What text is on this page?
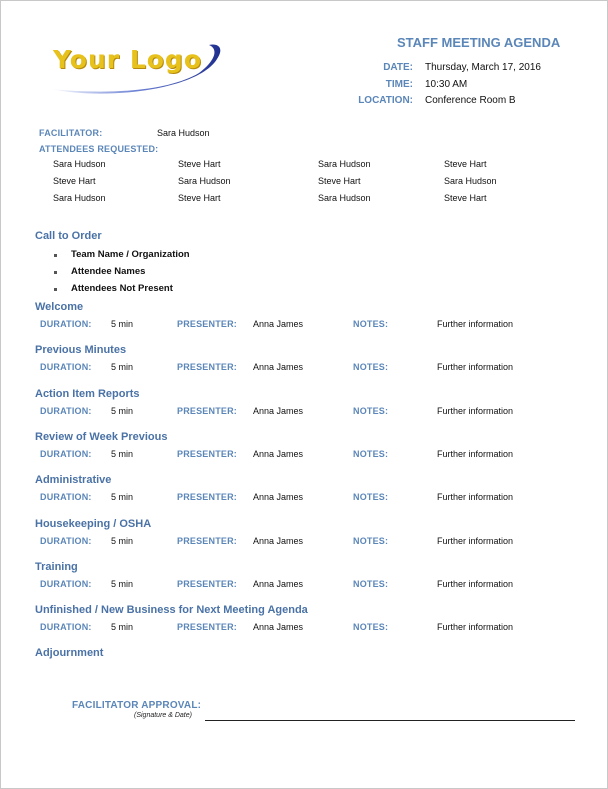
Your Logo
STAFF MEETING AGENDA
DATE: Thursday, March 17, 2016
TIME: 10:30 AM
LOCATION: Conference Room B
FACILITATOR:	Sara Hudson
ATTENDEES REQUESTED:
Sara Hudson	Steve Hart	Sara Hudson	Steve Hart
Steve Hart	Sara Hudson	Steve Hart	Sara Hudson
Sara Hudson	Steve Hart	Sara Hudson	Steve Hart
Call to Order
Team Name / Organization
Attendee Names
Attendees Not Present
Welcome
DURATION: 5 min	PRESENTER: Anna James	NOTES:	Further information
Previous Minutes
DURATION: 5 min	PRESENTER: Anna James	NOTES:	Further information
Action Item Reports
DURATION: 5 min	PRESENTER: Anna James	NOTES:	Further information
Review of Week Previous
DURATION: 5 min	PRESENTER: Anna James	NOTES:	Further information
Administrative
DURATION: 5 min	PRESENTER: Anna James	NOTES:	Further information
Housekeeping / OSHA
DURATION: 5 min	PRESENTER: Anna James	NOTES:	Further information
Training
DURATION: 5 min	PRESENTER: Anna James	NOTES:	Further information
Unfinished / New Business for Next Meeting Agenda
DURATION: 5 min	PRESENTER: Anna James	NOTES:	Further information
Adjournment
FACILITATOR APPROVAL:
(Signature & Date)
